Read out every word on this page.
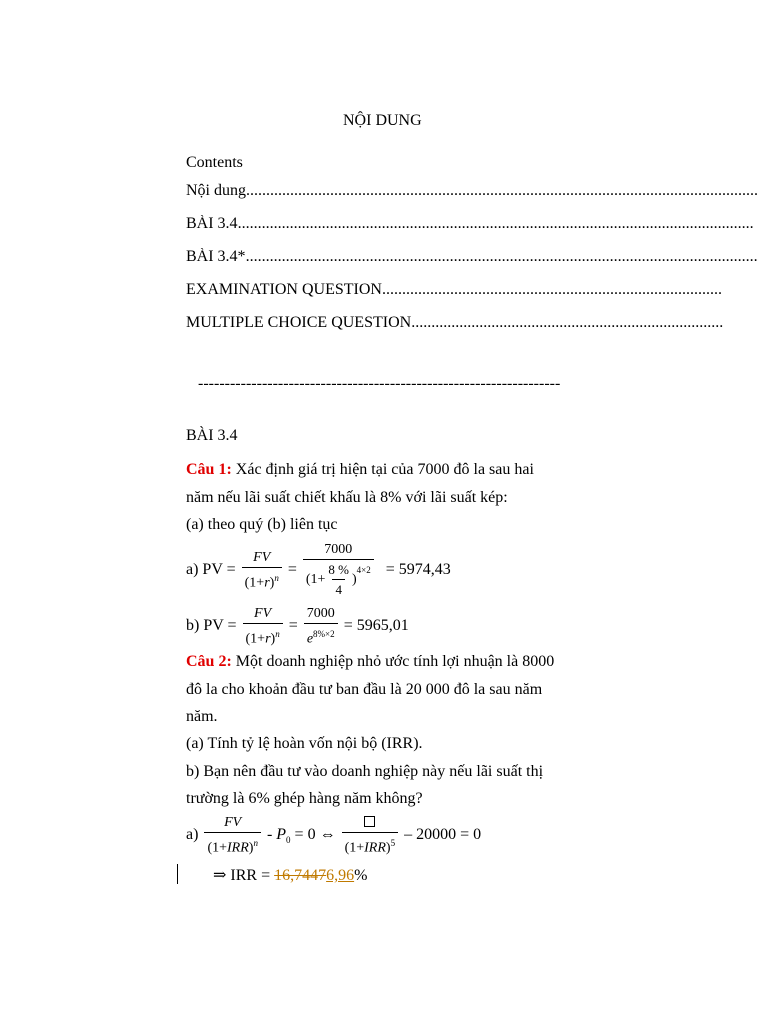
NỘI DUNG
Contents
Nội dung................................................................................................................................
BÀI 3.4.................................................................................................................................
BÀI 3.4*................................................................................................................................
EXAMINATION QUESTION.....................................................................................
MULTIPLE CHOICE QUESTION..............................................................................
--------------------------------------------------------------------
BÀI 3.4
Câu 1: Xác định giá trị hiện tại của 7000 đô la sau hai
năm nếu lãi suất chiết khấu là 8% với lãi suất kép:
(a) theo quý (b) liên tục
a) PV = $\frac{FV}{(1+r)^n} = 7000$
($1+ \frac{8 \%}{4}$ )
4×2 = 5974,43
b) PV = $\frac{FV}{(1+r)^n} = \frac{7000}{e^{8\%\times 2}} = 5965,01$
Câu 2: Một doanh nghiệp nhỏ ước tính lợi nhuận là 8000
đô la cho khoản đầu tư ban đầu là 20 000 đô la sau năm
năm.
(a) Tính tỷ lệ hoàn vốn nội bộ (IRR).
b) Bạn nên đầu tư vào doanh nghiệp này nếu lãi suất thị
trường là 6% ghép hàng năm không?
$a) \frac{FV}{(1+IRR)^n} - P_0 = 0$ ⇔
$(1+IRR)^5 - 20000 = 0$
⇒ IRR = 16,74476,96%
